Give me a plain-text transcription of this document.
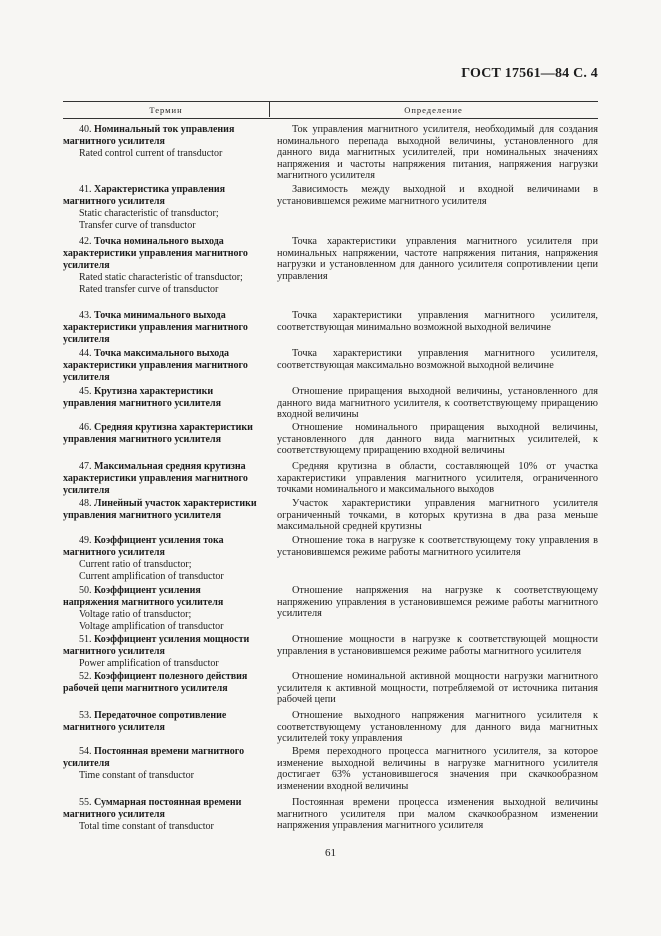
ГОСТ 17561—84 С. 4
Термин	Определение
40. Номинальный ток управления магнитного усилителя
Rated control current of transductor
Ток управления магнитного усилителя, необходимый для создания номинального перепада выходной величины, установленного для данного вида магнитных усилителей, при номинальных значениях напряжения и частоты напряжения питания, напряжения нагрузки магнитного усилителя
41. Характеристика управления магнитного усилителя
Static characteristic of transductor;
Transfer curve of transductor
Зависимость между выходной и входной величинами в установившемся режиме магнитного усилителя
42. Точка номинального выхода характеристики управления магнитного усилителя
Rated static characteristic of transductor;
Rated transfer curve of transductor
Точка характеристики управления магнитного усилителя при номинальных напряжении, частоте напряжения питания, напряжения нагрузки и установленном для данного усилителя сопротивлении цепи управления
43. Точка минимального выхода характеристики управления магнитного усилителя
Точка характеристики управления магнитного усилителя, соответствующая минимально возможной выходной величине
44. Точка максимального выхода характеристики управления магнитного усилителя
Точка характеристики управления магнитного усилителя, соответствующая максимально возможной выходной величине
45. Крутизна характеристики управления магнитного усилителя
Отношение приращения выходной величины, установленного для данного вида магнитного усилителя, к соответствующему приращению входной величины
46. Средняя крутизна характеристики управления магнитного усилителя
Отношение номинального приращения выходной величины, установленного для данного вида магнитных усилителей, к соответствующему приращению входной величины
47. Максимальная средняя крутизна характеристики управления магнитного усилителя
Средняя крутизна в области, составляющей 10% от участка характеристики управления магнитного усилителя, ограниченного точками номинального и максимального выходов
48. Линейный участок характеристики управления магнитного усилителя
Участок характеристики управления магнитного усилителя ограниченный точками, в которых крутизна в два раза меньше максимальной средней крутизны
49. Коэффициент усиления тока магнитного усилителя
Current ratio of transductor;
Current amplification of transductor
Отношение тока в нагрузке к соответствующему току управления в установившемся режиме работы магнитного усилителя
50. Коэффициент усиления напряжения магнитного усилителя
Voltage ratio of transductor;
Voltage amplification of transductor
Отношение напряжения на нагрузке к соответствующему напряжению управления в установившемся режиме работы магнитного усилителя
51. Коэффициент усиления мощности магнитного усилителя
Power amplification of transductor
Отношение мощности в нагрузке к соответствующей мощности управления в установившемся режиме работы магнитного усилителя
52. Коэффициент полезного действия рабочей цепи магнитного усилителя
Отношение номинальной активной мощности нагрузки магнитного усилителя к активной мощности, потребляемой от источника питания рабочей цепи
53. Передаточное сопротивление магнитного усилителя
Отношение выходного напряжения магнитного усилителя к соответствующему установленному для данного вида магнитных усилителей току управления
54. Постоянная времени магнитного усилителя
Time constant of transductor
Время переходного процесса магнитного усилителя, за которое изменение выходной величины в нагрузке магнитного усилителя достигает 63% установившегося значения при скачкообразном изменении входной величины
55. Суммарная постоянная времени магнитного усилителя
Total time constant of transductor
Постоянная времени процесса изменения выходной величины магнитного усилителя при малом скачкообразном изменении напряжения управления магнитного усилителя
61
